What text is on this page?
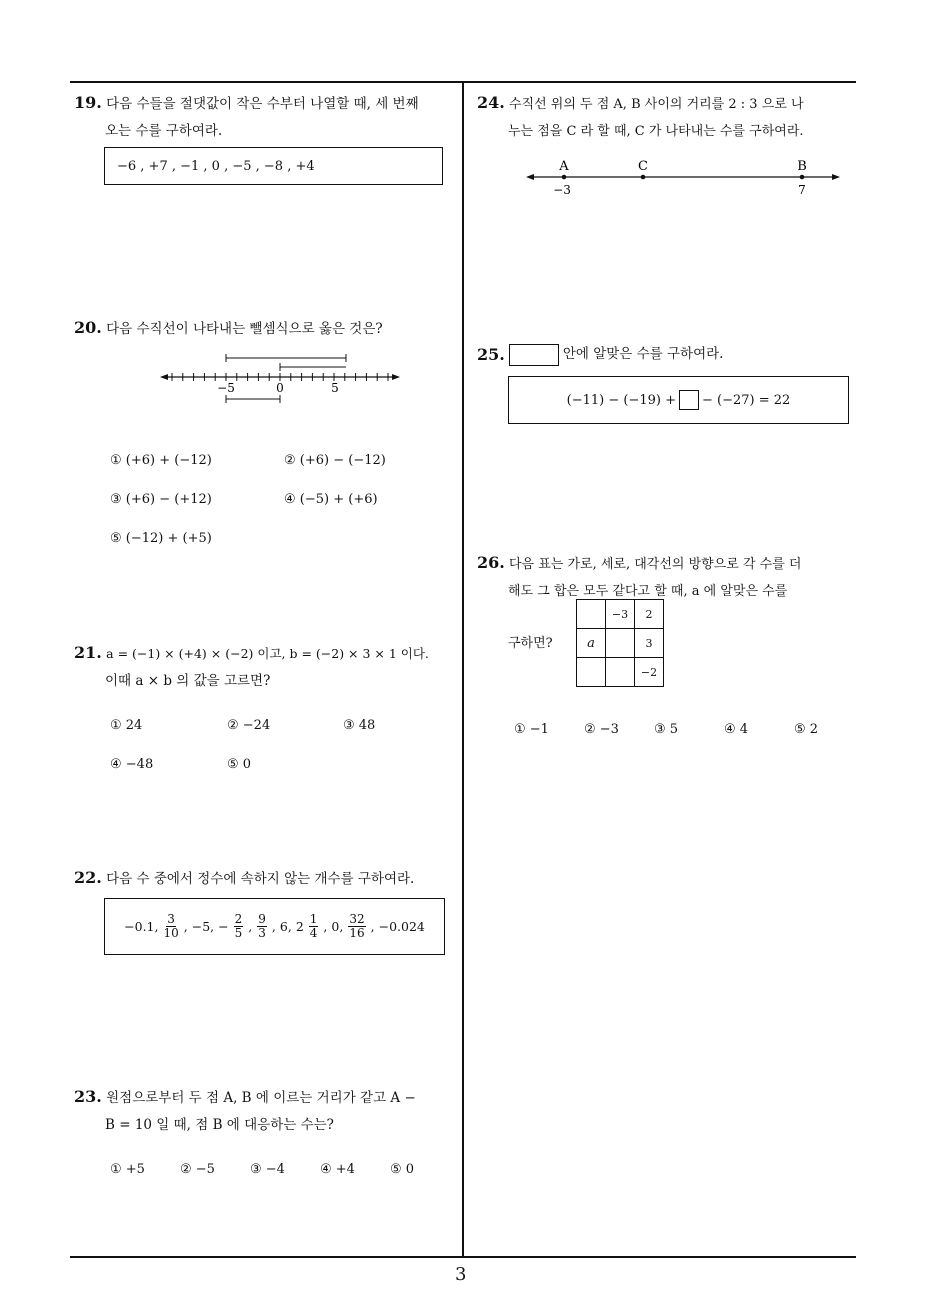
3
19. 다음 수들을 절댓값이 작은 수부터 나열할 때, 세 번째
오는 수를 구하여라.
−6 , +7 , −1 , 0 , −5 , −8 , +4
20. 다음 수직선이 나타내는 뺄셈식으로 옳은 것은?
−5	0	5
① (+6) + (−12)	② (+6) − (−12)
③ (+6) − (+12)	④ (−5) + (+6)
⑤ (−12) + (+5)
21. a = (−1) × (+4) × (−2) 이고, b = (−2) × 3 × 1 이다.
이때 a × b 의 값을 고르면?
① 24	② −24	③ 48
④ −48	⑤ 0
22. 다음 수 중에서 정수에 속하지 않는 개수를 구하여라.
−0.1, $\frac{3}{10}$ , −5, − $\frac{2}{5}$ , $\frac{9}{3}$ , 6, $2 \frac{1}{4}$ , 0, $\frac{32}{16}$ , −0.024
23. 원점으로부터 두 점 A, B 에 이르는 거리가 같고 A −
B = 10 일 때, 점 B 에 대응하는 수는?
① +5	② −5	③ −4	④ +4	⑤ 0
24. 수직선 위의 두 점 A, B 사이의 거리를 2 : 3 으로 나
누는 점을 C 라 할 때, C 가 나타내는 수를 구하여라.
A	C	B
−3	7
25.	안에 알맞은 수를 구하여라.
(−11) − (−19) + − (−27) = 22
26. 다음 표는 가로, 세로, 대각선의 방향으로 각 수를 더
해도 그 합은 모두 같다고 할 때, a 에 알맞은 수를
구하면?
	−3	2
a		3
		−2
① −1	② −3	③ 5	④ 4	⑤ 2
